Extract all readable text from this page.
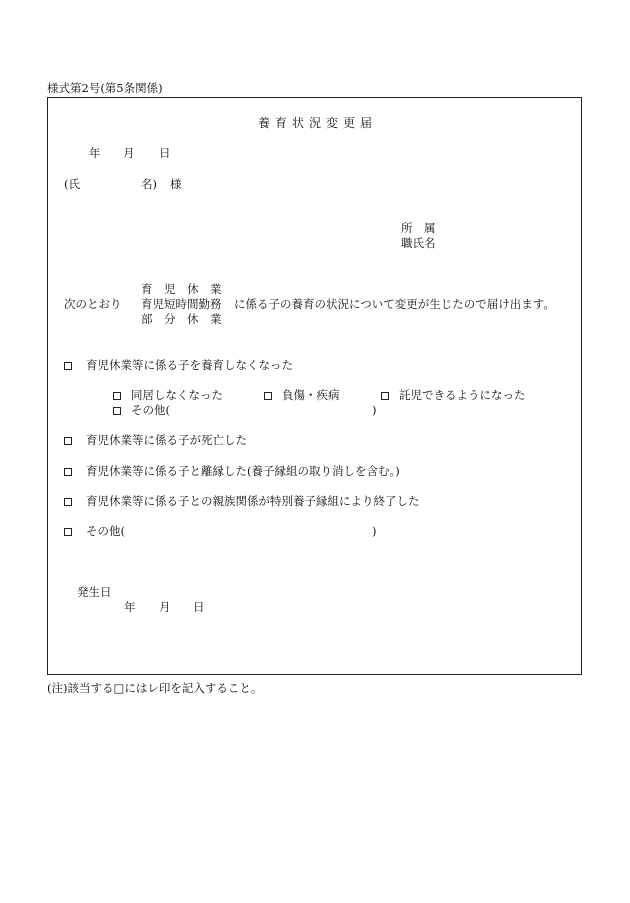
様式第2号(第5条関係)
養育状況変更届
年 月 日
(氏	名) 様
所　属
職氏名
次のとおり
育　児　休　業
育児短時間勤務
部　分　休　業
に係る子の養育の状況について変更が生じたので届け出ます。
育児休業等に係る子を養育しなくなった
同居しなくなった	負傷・疾病	託児できるようになった
その他(	)
育児休業等に係る子が死亡した
育児休業等に係る子と離縁した(養子縁組の取り消しを含む。)
育児休業等に係る子との親族関係が特別養子縁組により終了した
その他(	)
発生日
年 月 日
(注)該当する□にはレ印を記入すること。
